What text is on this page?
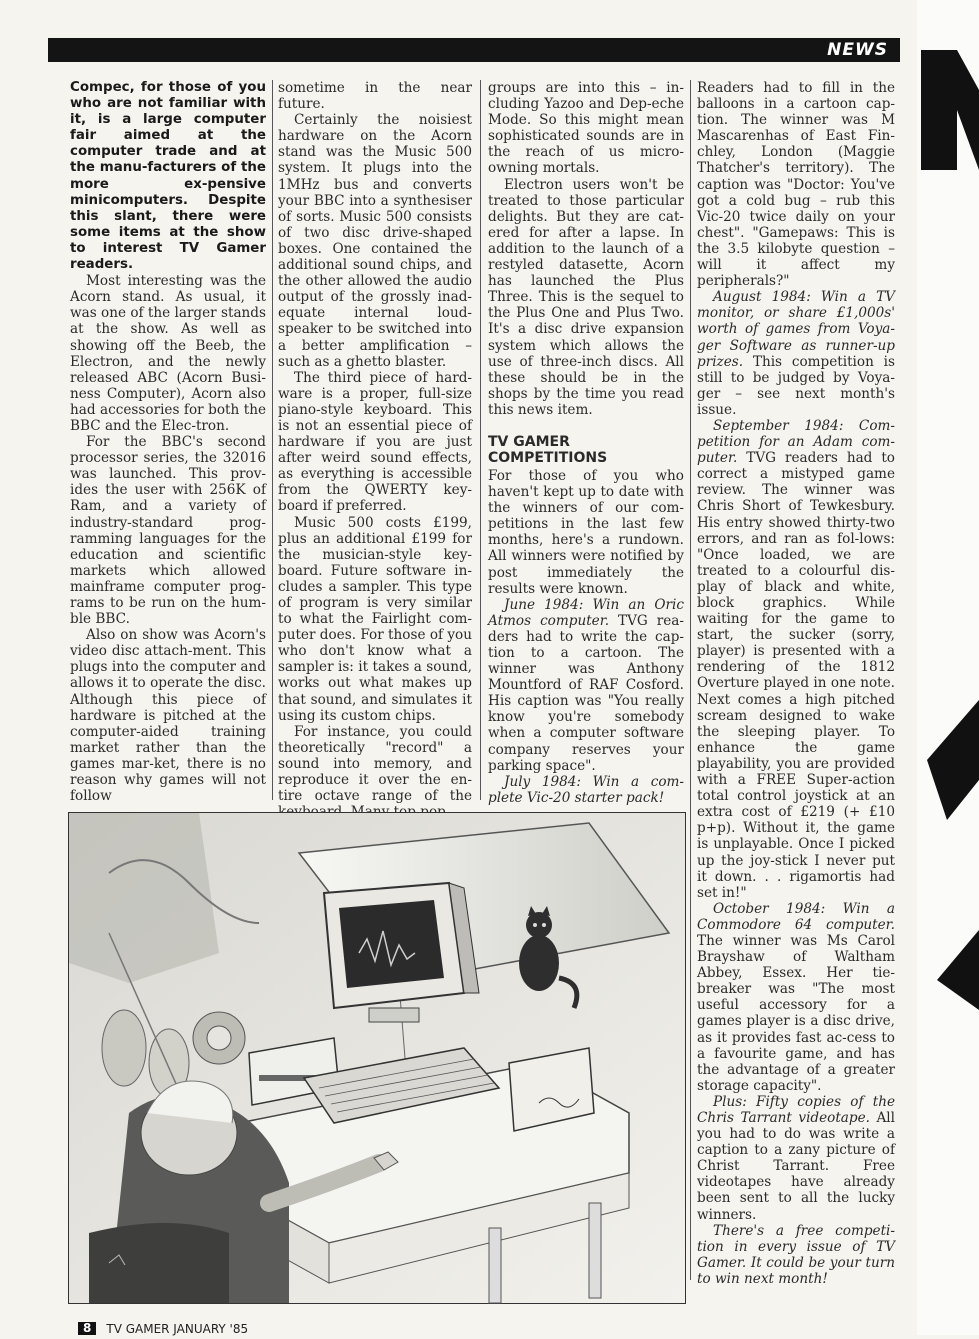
NEWS

Compec, for those of you who are not familiar with it, is a large computer fair aimed at the computer trade and at the manu-facturers of the more ex-pensive minicomputers. Despite this slant, there were some items at the show to interest TV Gamer readers.

Most interesting was the Acorn stand. As usual, it was one of the larger stands at the show. As well as showing off the Beeb, the Electron, and the newly released ABC (Acorn Busi-ness Computer), Acorn also had accessories for both the BBC and the Elec-tron.

For the BBC's second processor series, the 32016 was launched. This prov-ides the user with 256K of Ram, and a variety of industry-standard prog-ramming languages for the education and scientific markets which allowed mainframe computer prog-rams to be run on the hum-ble BBC.

Also on show was Acorn's video disc attach-ment. This plugs into the computer and allows it to operate the disc. Although this piece of hardware is pitched at the computer-aided training market rather than the games mar-ket, there is no reason why games will not follow

sometime in the near future.

Certainly the noisiest hardware on the Acorn stand was the Music 500 system. It plugs into the 1MHz bus and converts your BBC into a synthesiser of sorts. Music 500 consists of two disc drive-shaped boxes. One contained the additional sound chips, and the other allowed the audio output of the grossly inad-equate internal loud-speaker to be switched into a better amplification – such as a ghetto blaster.

The third piece of hard-ware is a proper, full-size piano-style keyboard. This is not an essential piece of hardware if you are just after weird sound effects, as everything is accessible from the QWERTY key-board if preferred.

Music 500 costs £199, plus an additional £199 for the musician-style key-board. Future software in-cludes a sampler. This type of program is very similar to what the Fairlight com-puter does. For those of you who don't know what a sampler is: it takes a sound, works out what makes up that sound, and simulates it using its custom chips.

For instance, you could theoretically "record" a sound into memory, and reproduce it over the en-tire octave range of the

groups are into this – in-cluding Yazoo and Dep-eche Mode. So this might mean sophisticated sounds are in the reach of us micro-owning mortals.

Electron users won't be treated to those particular delights. But they are cat-ered for after a lapse. In addition to the launch of a restyled datasette, Acorn has launched the Plus Three. This is the sequel to the Plus One and Plus Two. It's a disc drive expansion system which allows the use of three-inch discs. All these should be in the shops by the time you read this news item.

TV GAMER COMPETITIONS

For those of you who haven't kept up to date with the winners of our com-petitions in the last few months, here's a rundown. All winners were notified by post immediately the results were known.

June 1984: Win an Oric Atmos computer. TVG rea-ders had to write the cap-tion to a cartoon. The winner was Anthony Mountford of RAF Cosford. His caption was "You really know you're somebody when a computer software company reserves your parking space".

July 1984: Win a com-plete Vic-20 starter pack!

Readers had to fill in the balloons in a cartoon cap-tion. The winner was M Mascarenhas of East Fin-chley, London (Maggie Thatcher's territory). The caption was "Doctor: You've got a cold bug – rub this Vic-20 twice daily on your chest". "Gamepaws: This is the 3.5 kilobyte question – will it affect my peripherals?"

August 1984: Win a TV monitor, or share £1,000s' worth of games from Voya-ger Software as runner-up prizes. This competition is still to be judged by Voya-ger – see next month's issue.

September 1984: Com-petition for an Adam com-puter. TVG readers had to correct a mistyped game review. The winner was Chris Short of Tewkesbury. His entry showed thirty-two errors, and ran as fol-lows: "Once loaded, we are treated to a colourful dis-play of black and white, block graphics. While waiting for the game to start, the sucker (sorry, player) is presented with a rendering of the 1812 Overture played in one note. Next comes a high pitched scream designed to wake the sleeping player. To enhance the game playability, you are provided with a FREE Super-action total control joystick at an extra cost of £219 (+ £10 p+p). Without it, the game is unplayable. Once I picked up the joy-stick I never put it down. . . rigamortis had set in!"

October 1984: Win a Commodore 64 computer. The winner was Ms Carol Brayshaw of Waltham Abbey, Essex. Her tie-breaker was "The most useful accessory for a games player is a disc drive, as it provides fast ac-cess to a favourite game, and has the advantage of a greater storage capacity".

Plus: Fifty copies of the Chris Tarrant videotape. All you had to do was write a caption to a zany picture of Christ Tarrant. Free videotapes have already been sent to all the lucky winners.

There's a free competi-tion in every issue of TV Gamer. It could be your turn to win next month!

8	TV GAMER JANUARY '85
